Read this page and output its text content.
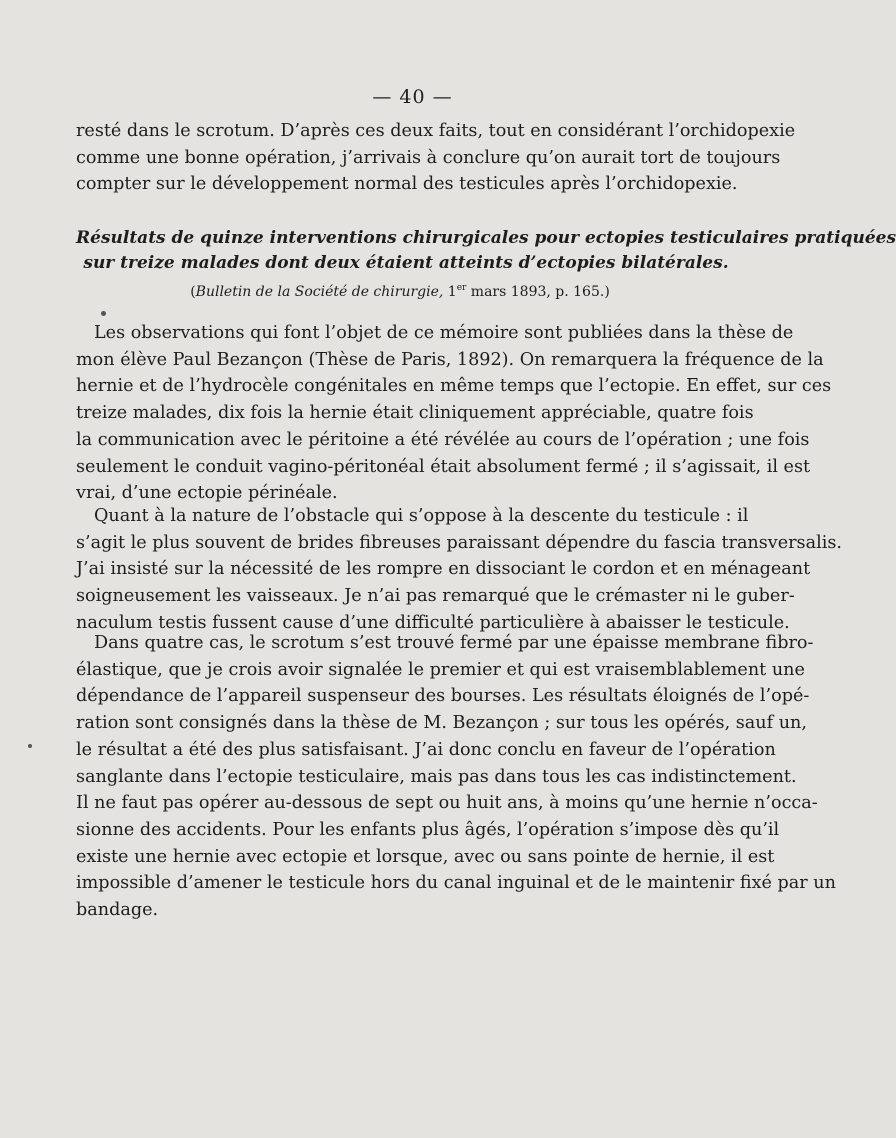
— 40 —
resté dans le scrotum. D’après ces deux faits, tout en considérant l’orchidopexie
comme une bonne opération, j’arrivais à conclure qu’on aurait tort de toujours
compter sur le développement normal des testicules après l’orchidopexie.
Résultats de quinze interventions chirurgicales pour ectopies testiculaires pratiquées
sur treize malades dont deux étaient atteints d’ectopies bilatérales.
(Bulletin de la Société de chirurgie, 1er mars 1893, p. 165.)
Les observations qui font l’objet de ce mémoire sont publiées dans la thèse de
mon élève Paul Bezançon (Thèse de Paris, 1892). On remarquera la fréquence de la
hernie et de l’hydrocèle congénitales en même temps que l’ectopie. En effet, sur ces
treize malades, dix fois la hernie était cliniquement appréciable, quatre fois
la communication avec le péritoine a été révélée au cours de l’opération ; une fois
seulement le conduit vagino-péritonéal était absolument fermé ; il s’agissait, il est
vrai, d’une ectopie périnéale.
Quant à la nature de l’obstacle qui s’oppose à la descente du testicule : il
s’agit le plus souvent de brides fibreuses paraissant dépendre du fascia transversalis.
J’ai insisté sur la nécessité de les rompre en dissociant le cordon et en ménageant
soigneusement les vaisseaux. Je n’ai pas remarqué que le crémaster ni le guber-
naculum testis fussent cause d’une difficulté particulière à abaisser le testicule.
Dans quatre cas, le scrotum s’est trouvé fermé par une épaisse membrane fibro-
élastique, que je crois avoir signalée le premier et qui est vraisemblablement une
dépendance de l’appareil suspenseur des bourses. Les résultats éloignés de l’opé-
ration sont consignés dans la thèse de M. Bezançon ; sur tous les opérés, sauf un,
le résultat a été des plus satisfaisant. J’ai donc conclu en faveur de l’opération
sanglante dans l’ectopie testiculaire, mais pas dans tous les cas indistinctement.
Il ne faut pas opérer au-dessous de sept ou huit ans, à moins qu’une hernie n’occa-
sionne des accidents. Pour les enfants plus âgés, l’opération s’impose dès qu’il
existe une hernie avec ectopie et lorsque, avec ou sans pointe de hernie, il est
impossible d’amener le testicule hors du canal inguinal et de le maintenir fixé par un
bandage.
